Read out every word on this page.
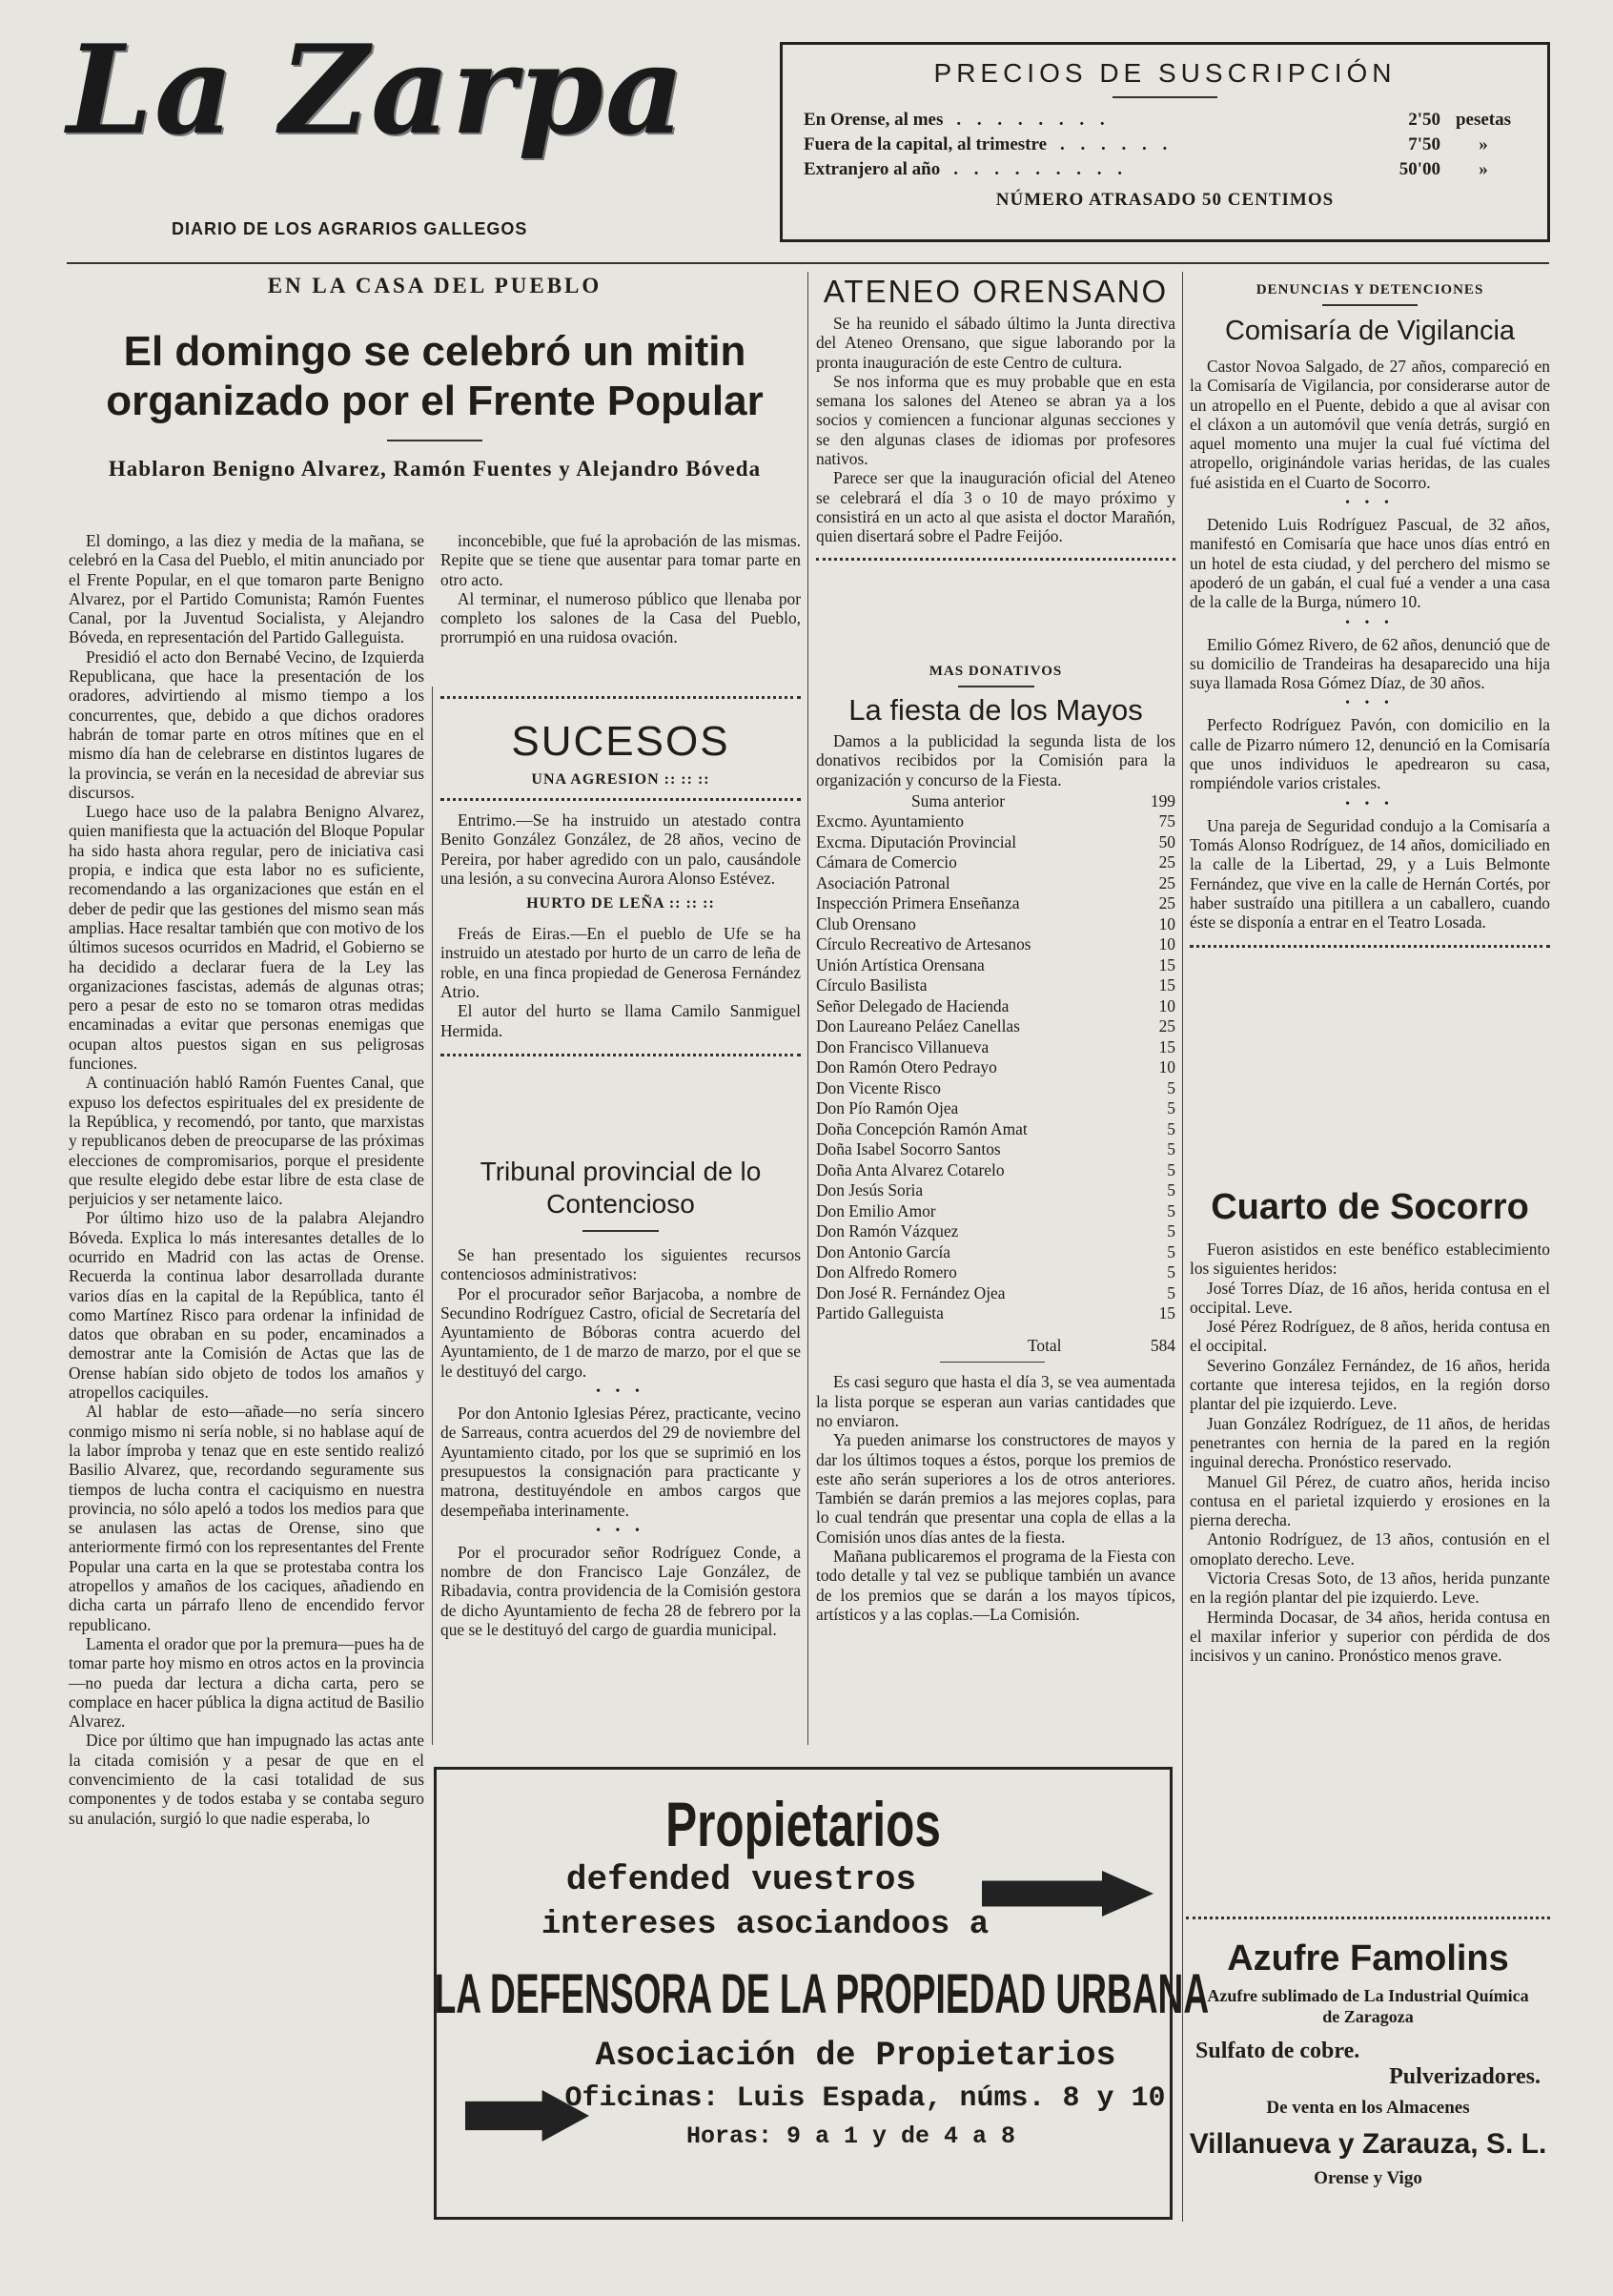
La Zarpa
DIARIO DE LOS AGRARIOS GALLEGOS
PRECIOS DE SUSCRIPCIÓN
En Orense, al mes . . . . . . . .	2'50 pesetas
Fuera de la capital, al trimestre . . . . . .	7'50	»
Extranjero al año . . . . . . . . .	50'00	»
NÚMERO ATRASADO 50 CENTIMOS
EN LA CASA DEL PUEBLO
El domingo se celebró un mitin organizado por el Frente Popular
Hablaron Benigno Alvarez, Ramón Fuentes y Alejandro Bóveda

El domingo, a las diez y media de la mañana, se celebró en la Casa del Pueblo, el mitin anunciado por el Frente Popular, en el que tomaron parte Benigno Alvarez, por el Partido Comunista; Ramón Fuentes Canal, por la Juventud Socialista, y Alejandro Bóveda, en representación del Partido Galleguista.

Presidió el acto don Bernabé Vecino, de Izquierda Republicana, que hace la presentación de los oradores, advirtiendo al mismo tiempo a los concurrentes, que, debido a que dichos oradores habrán de tomar parte en otros mítines que en el mismo día han de celebrarse en distintos lugares de la provincia, se verán en la necesidad de abreviar sus discursos.

Luego hace uso de la palabra Benigno Alvarez, quien manifiesta que la actuación del Bloque Popular ha sido hasta ahora regular, pero de iniciativa casi propia, e indica que esta labor no es suficiente, recomendando a las organizaciones que están en el deber de pedir que las gestiones del mismo sean más amplias. Hace resaltar también que con motivo de los últimos sucesos ocurridos en Madrid, el Gobierno se ha decidido a declarar fuera de la Ley las organizaciones fascistas, además de algunas otras; pero a pesar de esto no se tomaron otras medidas encaminadas a evitar que personas enemigas que ocupan altos puestos sigan en sus peligrosas funciones.

A continuación habló Ramón Fuentes Canal, que expuso los defectos espirituales del ex presidente de la República, y recomendó, por tanto, que marxistas y republicanos deben de preocuparse de las próximas elecciones de compromisarios, porque el presidente que resulte elegido debe estar libre de esta clase de perjuicios y ser netamente laico.

Por último hizo uso de la palabra Alejandro Bóveda. Explica lo más interesantes detalles de lo ocurrido en Madrid con las actas de Orense. Recuerda la continua labor desarrollada durante varios días en la capital de la República, tanto él como Martínez Risco para ordenar la infinidad de datos que obraban en su poder, encaminados a demostrar ante la Comisión de Actas que las de Orense habían sido objeto de todos los amaños y atropellos caciquiles.

Al hablar de esto—añade—no sería sincero conmigo mismo ni sería noble, si no hablase aquí de la labor ímproba y tenaz que en este sentido realizó Basilio Alvarez, que, recordando seguramente sus tiempos de lucha contra el caciquismo en nuestra provincia, no sólo apeló a todos los medios para que se anulasen las actas de Orense, sino que anteriormente firmó con los representantes del Frente Popular una carta en la que se protestaba contra los atropellos y amaños de los caciques, añadiendo en dicha carta un párrafo lleno de encendido fervor republicano.

Lamenta el orador que por la premura—pues ha de tomar parte hoy mismo en otros actos en la provincia—no pueda dar lectura a dicha carta, pero se complace en hacer pública la digna actitud de Basilio Alvarez.

Dice por último que han impugnado las actas ante la citada comisión y a pesar de que en el convencimiento de la casi totalidad de sus componentes y de todos estaba y se contaba seguro su anulación, surgió lo que nadie esperaba, lo

inconcebible, que fué la aprobación de las mismas. Repite que se tiene que ausentar para tomar parte en otro acto.

Al terminar, el numeroso público que llenaba por completo los salones de la Casa del Pueblo, prorrumpió en una ruidosa ovación.

SUCESOS
UNA AGRESION :: :: ::

Entrimo.—Se ha instruido un atestado contra Benito González González, de 28 años, vecino de Pereira, por haber agredido con un palo, causándole una lesión, a su convecina Aurora Alonso Estévez.

HURTO DE LEÑA :: :: ::

Freás de Eiras.—En el pueblo de Ufe se ha instruido un atestado por hurto de un carro de leña de roble, en una finca propiedad de Generosa Fernández Atrio.

El autor del hurto se llama Camilo Sanmiguel Hermida.

Tribunal provincial de lo Contencioso

Se han presentado los siguientes recursos contenciosos administrativos:

Por el procurador señor Barjacoba, a nombre de Secundino Rodríguez Castro, oficial de Secretaría del Ayuntamiento de Bóboras contra acuerdo del Ayuntamiento, de 1 de marzo de marzo, por el que se le destituyó del cargo.

• • •

Por don Antonio Iglesias Pérez, practicante, vecino de Sarreaus, contra acuerdos del 29 de noviembre del Ayuntamiento citado, por los que se suprimió en los presupuestos la consignación para practicante y matrona, destituyéndole en ambos cargos que desempeñaba interinamente.

• • •

Por el procurador señor Rodríguez Conde, a nombre de don Francisco Laje González, de Ribadavia, contra providencia de la Comisión gestora de dicho Ayuntamiento de fecha 28 de febrero por la que se le destituyó del cargo de guardia municipal.

ATENEO ORENSANO

Se ha reunido el sábado último la Junta directiva del Ateneo Orensano, que sigue laborando por la pronta inauguración de este Centro de cultura.

Se nos informa que es muy probable que en esta semana los salones del Ateneo se abran ya a los socios y comiencen a funcionar algunas secciones y se den algunas clases de idiomas por profesores nativos.

Parece ser que la inauguración oficial del Ateneo se celebrará el día 3 o 10 de mayo próximo y consistirá en un acto al que asista el doctor Marañón, quien disertará sobre el Padre Feijóo.

MAS DONATIVOS
La fiesta de los Mayos

Damos a la publicidad la segunda lista de los donativos recibidos por la Comisión para la organización y concurso de la Fiesta.

Suma anterior	199
Excmo. Ayuntamiento	75
Excma. Diputación Provincial	50
Cámara de Comercio	25
Asociación Patronal	25
Inspección Primera Enseñanza	25
Club Orensano	10
Círculo Recreativo de Artesanos	10
Unión Artística Orensana	15
Círculo Basilista	15
Señor Delegado de Hacienda	10
Don Laureano Peláez Canellas	25
Don Francisco Villanueva	15
Don Ramón Otero Pedrayo	10
Don Vicente Risco	5
Don Pío Ramón Ojea	5
Doña Concepción Ramón Amat	5
Doña Isabel Socorro Santos	5
Doña Anta Alvarez Cotarelo	5
Don Jesús Soria	5
Don Emilio Amor	5
Don Ramón Vázquez	5
Don Antonio García	5
Don Alfredo Romero	5
Don José R. Fernández Ojea	5
Partido Galleguista	15
Total	584

Es casi seguro que hasta el día 3, se vea aumentada la lista porque se esperan aun varias cantidades que no enviaron.

Ya pueden animarse los constructores de mayos y dar los últimos toques a éstos, porque los premios de este año serán superiores a los de otros anteriores. También se darán premios a las mejores coplas, para lo cual tendrán que presentar una copla de ellas a la Comisión unos días antes de la fiesta.

Mañana publicaremos el programa de la Fiesta con todo detalle y tal vez se publique también un avance de los premios que se darán a los mayos típicos, artísticos y a las coplas.—La Comisión.

DENUNCIAS Y DETENCIONES
Comisaría de Vigilancia

Castor Novoa Salgado, de 27 años, compareció en la Comisaría de Vigilancia, por considerarse autor de un atropello en el Puente, debido a que al avisar con el cláxon a un automóvil que venía detrás, surgió en aquel momento una mujer la cual fué víctima del atropello, originándole varias heridas, de las cuales fué asistida en el Cuarto de Socorro.

• • •

Detenido Luis Rodríguez Pascual, de 32 años, manifestó en Comisaría que hace unos días entró en un hotel de esta ciudad, y del perchero del mismo se apoderó de un gabán, el cual fué a vender a una casa de la calle de la Burga, número 10.

• • •

Emilio Gómez Rivero, de 62 años, denunció que de su domicilio de Trandeiras ha desaparecido una hija suya llamada Rosa Gómez Díaz, de 30 años.

• • •

Perfecto Rodríguez Pavón, con domicilio en la calle de Pizarro número 12, denunció en la Comisaría que unos individuos le apedrearon su casa, rompiéndole varios cristales.

• • •

Una pareja de Seguridad condujo a la Comisaría a Tomás Alonso Rodríguez, de 14 años, domiciliado en la calle de la Libertad, 29, y a Luis Belmonte Fernández, que vive en la calle de Hernán Cortés, por haber sustraído una pitillera a un caballero, cuando éste se disponía a entrar en el Teatro Losada.

Cuarto de Socorro

Fueron asistidos en este benéfico establecimiento los siguientes heridos:

José Torres Díaz, de 16 años, herida contusa en el occipital. Leve.

José Pérez Rodríguez, de 8 años, herida contusa en el occipital.

Severino González Fernández, de 16 años, herida cortante que interesa tejidos, en la región dorso plantar del pie izquierdo. Leve.

Juan González Rodríguez, de 11 años, de heridas penetrantes con hernia de la pared en la región inguinal derecha. Pronóstico reservado.

Manuel Gil Pérez, de cuatro años, herida inciso contusa en el parietal izquierdo y erosiones en la pierna derecha.

Antonio Rodríguez, de 13 años, contusión en el omoplato derecho. Leve.

Victoria Cresas Soto, de 13 años, herida punzante en la región plantar del pie izquierdo. Leve.

Herminda Docasar, de 34 años, herida contusa en el maxilar inferior y superior con pérdida de dos incisivos y un canino. Pronóstico menos grave.

Propietarios
defended vuestros
intereses asociandoos a
LA DEFENSORA DE LA PROPIEDAD URBANA
Asociación de Propietarios
Oficinas: Luis Espada, núms. 8 y 10
Horas: 9 a 1 y de 4 a 8
Azufre Famolins
Azufre sublimado de La Industrial Química de Zaragoza
Sulfato de cobre.
Pulverizadores.
De venta en los Almacenes
Villanueva y Zarauza, S. L.
Orense y Vigo
